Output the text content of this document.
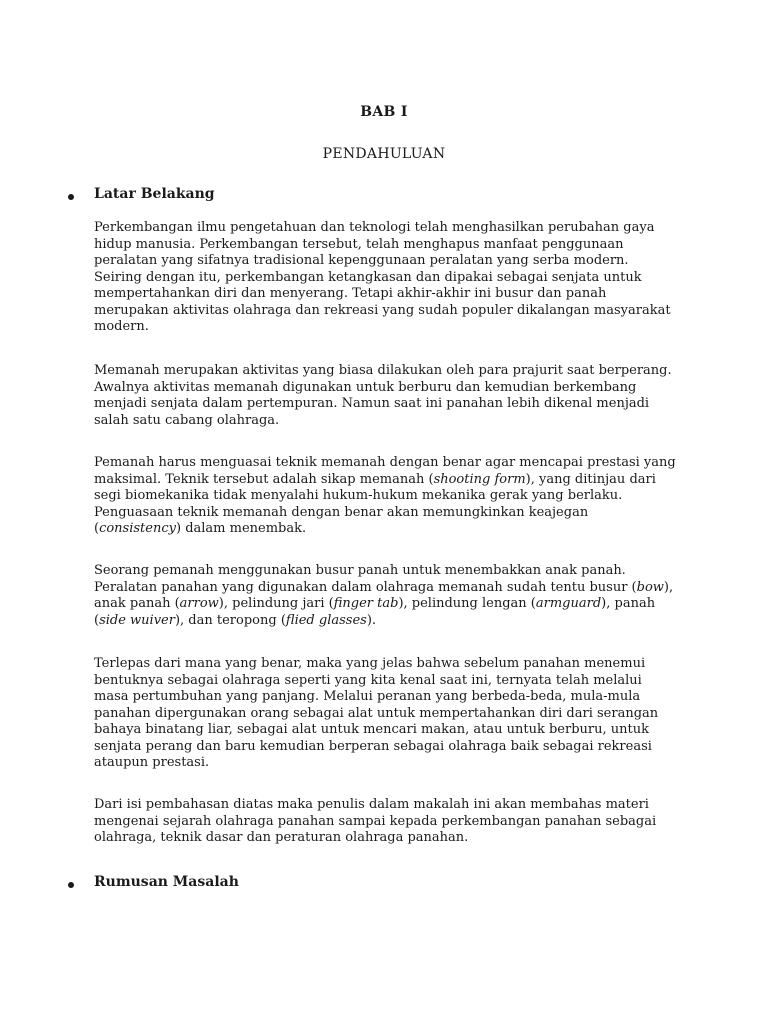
BAB I
PENDAHULUAN
Latar Belakang

Perkembangan ilmu pengetahuan dan teknologi telah menghasilkan perubahan gaya hidup manusia. Perkembangan tersebut, telah menghapus manfaat penggunaan peralatan yang sifatnya tradisional kepenggunaan peralatan yang serba modern. Seiring dengan itu, perkembangan ketangkasan dan dipakai sebagai senjata untuk mempertahankan diri dan menyerang. Tetapi akhir-akhir ini busur dan panah merupakan aktivitas olahraga dan rekreasi yang sudah populer dikalangan masyarakat modern.

Memanah merupakan aktivitas yang biasa dilakukan oleh para prajurit saat berperang. Awalnya aktivitas memanah digunakan untuk berburu dan kemudian berkembang menjadi senjata dalam pertempuran. Namun saat ini panahan lebih dikenal menjadi salah satu cabang olahraga.

Pemanah harus menguasai teknik memanah dengan benar agar mencapai prestasi yang maksimal. Teknik tersebut adalah sikap memanah (shooting form), yang ditinjau dari segi biomekanika tidak menyalahi hukum-hukum mekanika gerak yang berlaku. Penguasaan teknik memanah dengan benar akan memungkinkan keajegan (consistency) dalam menembak.

Seorang pemanah menggunakan busur panah untuk menembakkan anak panah. Peralatan panahan yang digunakan dalam olahraga memanah sudah tentu busur (bow), anak panah (arrow), pelindung jari (finger tab), pelindung lengan (armguard), panah (side wuiver), dan teropong (flied glasses).

Terlepas dari mana yang benar, maka yang jelas bahwa sebelum panahan menemui bentuknya sebagai olahraga seperti yang kita kenal saat ini, ternyata telah melalui masa pertumbuhan yang panjang. Melalui peranan yang berbeda-beda, mula-mula panahan dipergunakan orang sebagai alat untuk mempertahankan diri dari serangan bahaya binatang liar, sebagai alat untuk mencari makan, atau untuk berburu, untuk senjata perang dan baru kemudian berperan sebagai olahraga baik sebagai rekreasi ataupun prestasi.

Dari isi pembahasan diatas maka penulis dalam makalah ini akan membahas materi mengenai sejarah olahraga panahan sampai kepada perkembangan panahan sebagai olahraga, teknik dasar dan peraturan olahraga panahan.

Rumusan Masalah
